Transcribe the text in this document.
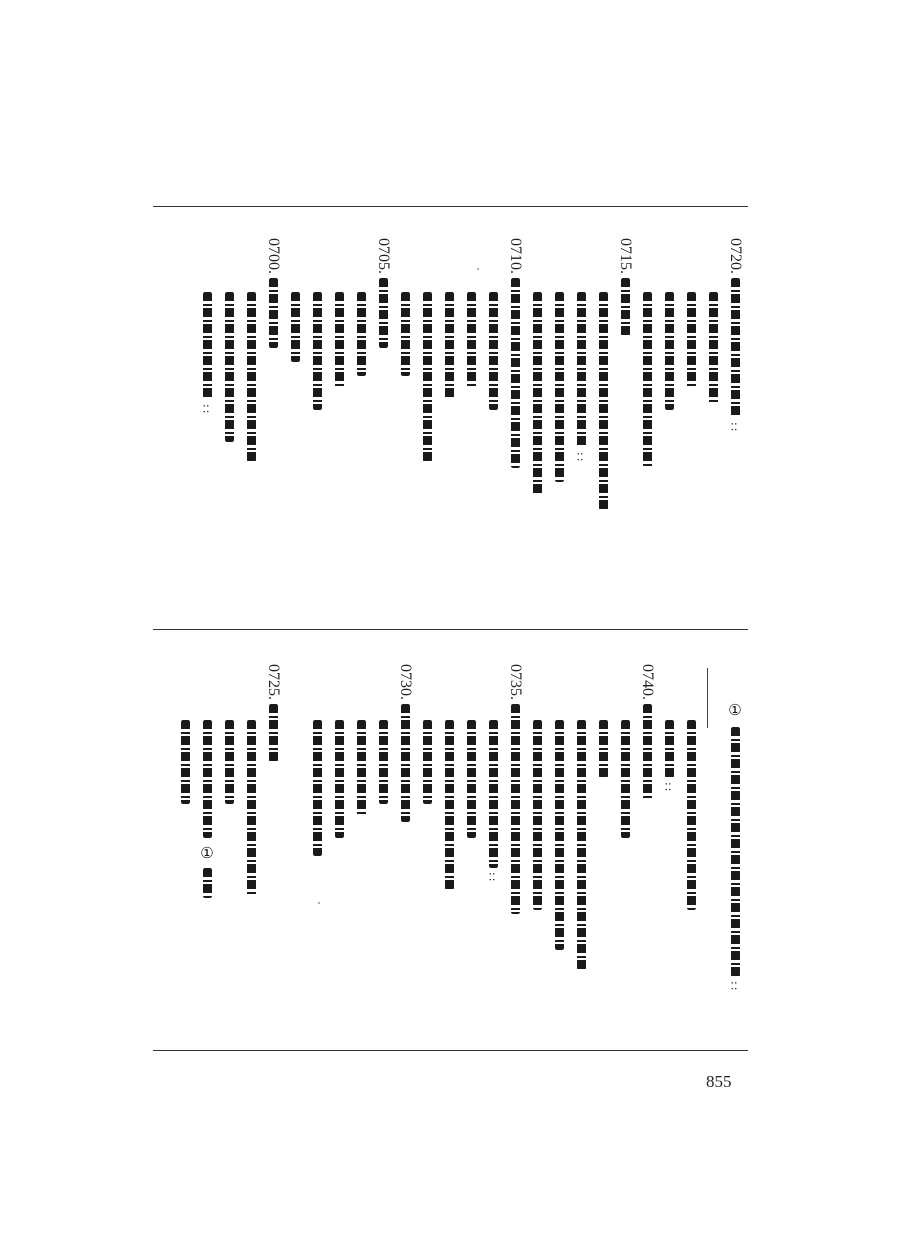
0720.
::
0715.
::
0710.
0705.
0700.
::
①
::
::
0740.
0735.
::
0730.
0725.
①
855
